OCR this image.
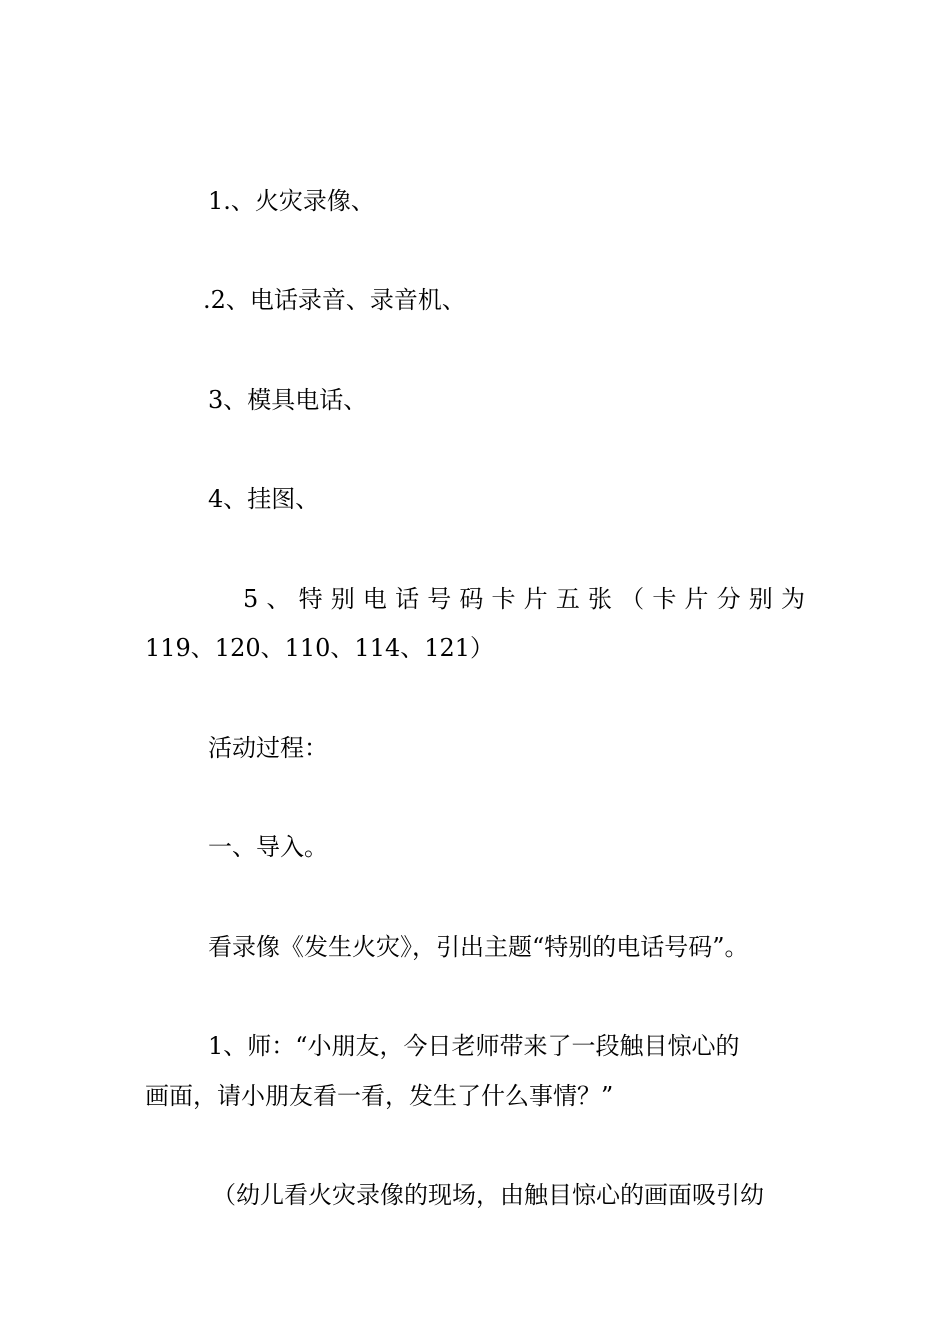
1.、火灾录像、
.2、电话录音、录音机、
3、模具电话、
4、挂图、
5 、 特 别 电 话 号 码 卡 片 五 张 （ 卡 片 分 别 为
119、120、110、114、121）
活动过程：
一、导入。
看录像《发生火灾》，引出主题“特别的电话号码”。
1、师：“小朋友，今日老师带来了一段触目惊心的
画面，请小朋友看一看，发生了什么事情？”
（幼儿看火灾录像的现场，由触目惊心的画面吸引幼
